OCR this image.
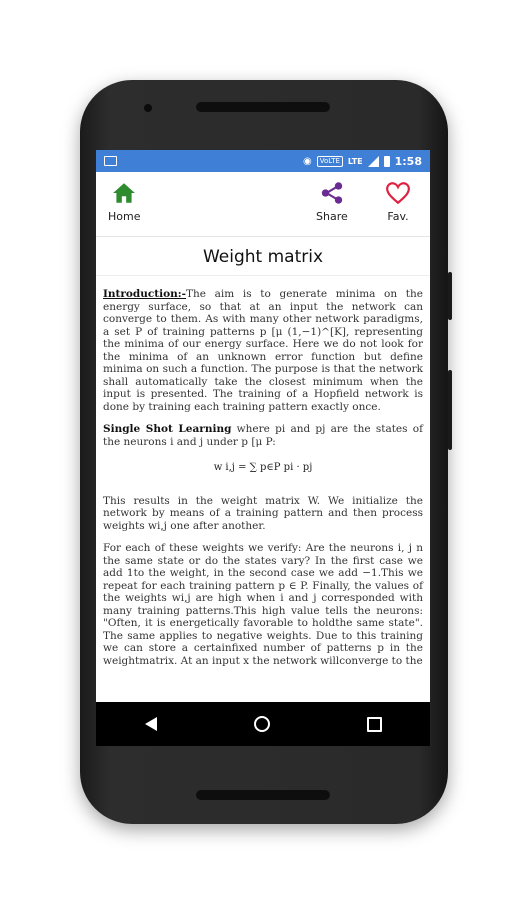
◉	VoLTE	LTE	1:58
Home	Share	Fav.
Weight matrix

Introduction:-The aim is to generate minima on the energy surface, so that at an input the network can converge to them. As with many other network paradigms, a set P of training patterns p [μ (1,−1)^[K], representing the minima of our energy surface. Here we do not look for the minima of an unknown error function but define minima on such a function. The purpose is that the network shall automatically take the closest minimum when the input is presented. The training of a Hopfield network is done by training each training pattern exactly once.

Single Shot Learning where pi and pj are the states of the neurons i and j under p [μ P:

w i,j = ∑ p∈P pi · pj

This results in the weight matrix W. We initialize the network by means of a training pattern and then process weights wi,j one after another.

For each of these weights we verify: Are the neurons i, j n the same state or do the states vary? In the first case we add 1to the weight, in the second case we add −1.This we repeat for each training pattern p ∈ P. Finally, the values of the weights wi,j are high when i and j corresponded with many training patterns.This high value tells the neurons: "Often, it is energetically favorable to holdthe same state". The same applies to negative weights. Due to this training we can store a certainfixed number of patterns p in the weightmatrix. At an input x the network willconverge to the
